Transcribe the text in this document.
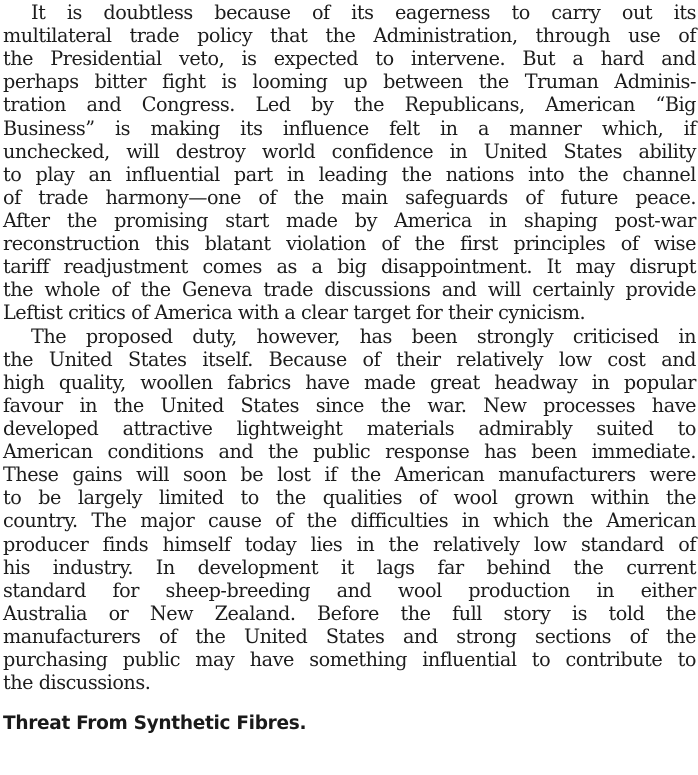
It is doubtless because of its eagerness to carry out its
multilateral trade policy that the Administration, through use of
the Presidential veto, is expected to intervene. But a hard and
perhaps bitter fight is looming up between the Truman Adminis-
tration and Congress. Led by the Republicans, American “Big
Business” is making its influence felt in a manner which, if
unchecked, will destroy world confidence in United States ability
to play an influential part in leading the nations into the channel
of trade harmony—one of the main safeguards of future peace.
After the promising start made by America in shaping post-war
reconstruction this blatant violation of the first principles of wise
tariff readjustment comes as a big disappointment. It may disrupt
the whole of the Geneva trade discussions and will certainly provide
Leftist critics of America with a clear target for their cynicism.
The proposed duty, however, has been strongly criticised in
the United States itself. Because of their relatively low cost and
high quality, woollen fabrics have made great headway in popular
favour in the United States since the war. New processes have
developed attractive lightweight materials admirably suited to
American conditions and the public response has been immediate.
These gains will soon be lost if the American manufacturers were
to be largely limited to the qualities of wool grown within the
country. The major cause of the difficulties in which the American
producer finds himself today lies in the relatively low standard of
his industry. In development it lags far behind the current
standard for sheep-breeding and wool production in either
Australia or New Zealand. Before the full story is told the
manufacturers of the United States and strong sections of the
purchasing public may have something influential to contribute to
the discussions.
Threat From Synthetic Fibres.
